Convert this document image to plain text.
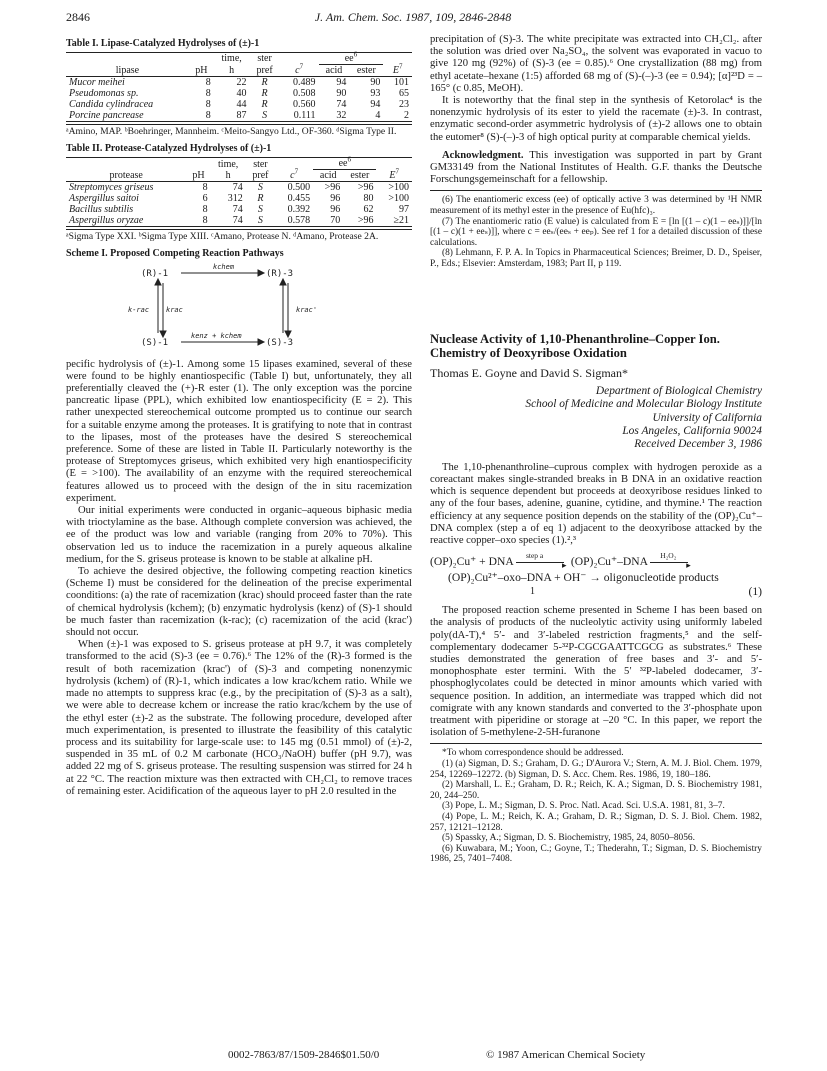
2846	J. Am. Chem. Soc. 1987, 109, 2846-2848
Table I. Lipase-Catalyzed Hydrolyses of (±)-1
		time,	ster		$ee^6$	
lipase	pH	h	pref	$c^7$	acid	ester	$E^7$
Mucor meihei	8	22	R	0.489	94	90	101
Pseudomonas sp.	8	40	R	0.508	90	93	65
Candida cylindracea	8	44	R	0.560	74	94	23
Porcine pancrease	8	87	S	0.111	32	4	2
ᵃAmino, MAP. ᵇBoehringer, Mannheim. ᶜMeito-Sangyo Ltd., OF-360. ᵈSigma Type II.
Table II. Protease-Catalyzed Hydrolyses of (±)-1
		time,	ster		$ee^6$	
protease	pH	h	pref	$c^7$	acid	ester	$E^7$
Streptomyces griseus	8	74	S	0.500	>96	>96	>100
Aspergillus saitoi	6	312	R	0.455	96	80	>100
Bacillus subtilis	8	74	S	0.392	96	62	97
Aspergillus oryzae	8	74	S	0.578	70	>96	≥21
ᵃSigma Type XXI. ᵇSigma Type XIII. ᶜAmano, Protease N. ᵈAmano, Protease 2A.
Scheme I. Proposed Competing Reaction Pathways
(R)-1	(R)-3
(S)-1	(S)-3
kchem
kenz + kchem
k-rac krac	krac'

pecific hydrolysis of (±)-1. Among some 15 lipases examined, several of these were found to be highly enantiospecific (Table I) but, unfortunately, they all preferentially cleaved the (+)-R ester (1). The only exception was the porcine pancreatic lipase (PPL), which exhibited low enantiospecificity (E = 2). This rather unexpected stereochemical outcome prompted us to continue our search for a suitable enzyme among the proteases. It is gratifying to note that in contrast to the lipases, most of the proteases have the desired S stereochemical preference. Some of these are listed in Table II. Particularly noteworthy is the protease of Streptomyces griseus, which exhibited very high enantiospecificity (E = >100). The availability of an enzyme with the required stereochemical features allowed us to proceed with the design of the in situ racemization experiment.

Our initial experiments were conducted in organic–aqueous biphasic media with trioctylamine as the base. Although complete conversion was achieved, the ee of the product was low and variable (ranging from 20% to 70%). This observation led us to induce the racemization in a purely aqueous alkaline medium, for the S. griseus protease is known to be stable at alkaline pH.

To achieve the desired objective, the following competing reaction kinetics (Scheme I) must be considered for the delineation of the precise experimental coonditions: (a) the rate of racemization (krac) should proceed faster than the rate of chemical hydrolysis (kchem); (b) enzymatic hydrolysis (kenz) of (S)-1 should be much faster than racemization (k-rac); (c) racemization of the acid (krac') should not occur.

When (±)-1 was exposed to S. griseus protease at pH 9.7, it was completely transformed to the acid (S)-3 (ee = 0.76).⁶ The 12% of the (R)-3 formed is the result of both racemization (krac') of (S)-3 and competing nonenzymic hydrolysis (kchem) of (R)-1, which indicates a low krac/kchem ratio. While we made no attempts to suppress krac (e.g., by the precipitation of (S)-3 as a salt), we were able to decrease kchem or increase the ratio krac/kchem by the use of the ethyl ester (±)-2 as the substrate. The following procedure, developed after much experimentation, is presented to illustrate the feasibility of this catalytic process and its suitability for large-scale use: to 145 mg (0.51 mmol) of (±)-2, suspended in 35 mL of 0.2 M carbonate (HCO₃/NaOH) buffer (pH 9.7), was added 22 mg of S. griseus protease. The resulting suspension was stirred for 24 h at 22 °C. The reaction mixture was then extracted with CH₂Cl₂ to remove traces of remaining ester. Acidification of the aqueous layer to pH 2.0 resulted in the

precipitation of (S)-3. The white precipitate was extracted into CH₂Cl₂. after the solution was dried over Na₂SO₄, the solvent was evaporated in vacuo to give 120 mg (92%) of (S)-3 (ee = 0.85).⁶ One crystallization (88 mg) from ethyl acetate–hexane (1:5) afforded 68 mg of (S)-(–)-3 (ee = 0.94); [α]²³D = –165° (c 0.85, MeOH).

It is noteworthy that the final step in the synthesis of Ketorolac⁴ is the nonenzymic hydrolysis of its ester to yield the racemate (±)-3. In contrast, enzymatic second-order asymmetric hydrolysis of (±)-2 allows one to obtain the eutomer⁸ (S)-(–)-3 of high optical purity at comparable chemical yields.

Acknowledgment. This investigation was supported in part by Grant GM33149 from the National Institutes of Health. G.F. thanks the Deutsche Forschungsgemeinschaft for a fellowship.

(6) The enantiomeric excess (ee) of optically active 3 was determined by ¹H NMR measurement of its methyl ester in the presence of Eu(hfc)₃.

(7) The enantiomeric ratio (E value) is calculated from E = [ln [(1 – c)(1 – eeₛ)]]/[ln [(1 – c)(1 + eeₛ)]], where c = eeₛ/(eeₛ + eeₚ). See ref 1 for a detailed discussion of these calculations.

(8) Lehmann, F. P. A. In Topics in Pharmaceutical Sciences; Breimer, D. D., Speiser, P., Eds.; Elsevier: Amsterdam, 1983; Part II, p 119.

Nuclease Activity of 1,10-Phenanthroline–Copper Ion. Chemistry of Deoxyribose Oxidation
Thomas E. Goyne and David S. Sigman*
Department of Biological Chemistry
School of Medicine and Molecular Biology Institute
University of California
Los Angeles, California 90024
Received December 3, 1986

The 1,10-phenanthroline–cuprous complex with hydrogen peroxide as a coreactant makes single-stranded breaks in B DNA in an oxidative reaction which is sequence dependent but proceeds at deoxyribose residues linked to any of the four bases, adenine, guanine, cytidine, and thymine.¹ The reaction efficiency at any sequence position depends on the stability of the (OP)₂Cu⁺–DNA complex (step a of eq 1) adjacent to the deoxyribose attacked by the reactive copper–oxo species (1).²,³

(OP)₂Cu⁺ + DNA
step a
▸ (OP)₂Cu⁺–DNA
H₂O₂
▸
(OP)₂Cu²⁺–oxo–DNA + OH⁻ → oligonucleotide products
1	(1)

The proposed reaction scheme presented in Scheme I has been based on the analysis of products of the nucleolytic activity using uniformly labeled poly(dA-T),⁴ 5′- and 3′-labeled restriction fragments,⁵ and the self-complementary dodecamer 5-³²P-CGCGAATTCGCG as substrates.⁶ These studies demonstrated the generation of free bases and 3′- and 5′-monophosphate ester termini. With the 5′ ³²P-labeled dodecamer, 3′-phosphoglycolates could be detected in minor amounts which varied with sequence position. In addition, an intermediate was trapped which did not comigrate with any known standards and converted to the 3′-phosphate upon treatment with piperidine or storage at –20 °C. In this paper, we report the isolation of 5-methylene-2-5H-furanone

*To whom correspondence should be addressed.

(1) (a) Sigman, D. S.; Graham, D. G.; D'Aurora V.; Stern, A. M. J. Biol. Chem. 1979, 254, 12269–12272. (b) Sigman, D. S. Acc. Chem. Res. 1986, 19, 180–186.

(2) Marshall, L. E.; Graham, D. R.; Reich, K. A.; Sigman, D. S. Biochemistry 1981, 20, 244–250.

(3) Pope, L. M.; Sigman, D. S. Proc. Natl. Acad. Sci. U.S.A. 1981, 81, 3–7.

(4) Pope, L. M.; Reich, K. A.; Graham, D. R.; Sigman, D. S. J. Biol. Chem. 1982, 257, 12121–12128.

(5) Spassky, A.; Sigman, D. S. Biochemistry, 1985, 24, 8050–8056.

(6) Kuwabara, M.; Yoon, C.; Goyne, T.; Thederahn, T.; Sigman, D. S. Biochemistry 1986, 25, 7401–7408.

0002-7863/87/1509-2846$01.50/0	© 1987 American Chemical Society
